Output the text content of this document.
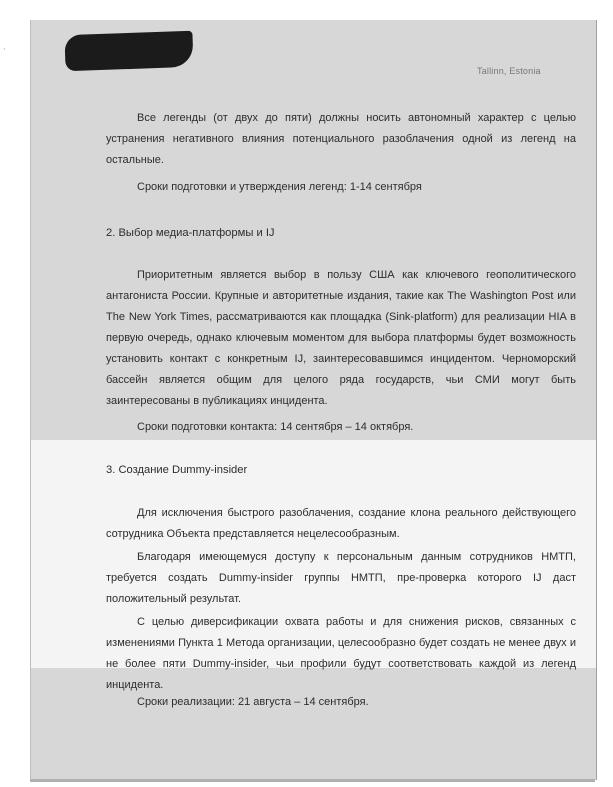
·
Tallinn, Estonia
Все легенды (от двух до пяти) должны носить автономный характер с целью устранения негативного влияния потенциального разоблачения одной из легенд на остальные.
Сроки подготовки и утверждения легенд: 1-14 сентября
2. Выбор медиа-платформы и IJ
Приоритетным является выбор в пользу США как ключевого геополитического антагониста России. Крупные и авторитетные издания, такие как The Washington Post или The New York Times, рассматриваются как площадка (Sink-platform) для реализации HIA в первую очередь, однако ключевым моментом для выбора платформы будет возможность установить контакт с конкретным IJ, заинтересовавшимся инцидентом. Черноморский бассейн является общим для целого ряда государств, чьи СМИ могут быть заинтересованы в публикациях инцидента.
Сроки подготовки контакта: 14 сентября – 14 октября.
3. Создание Dummy-insider
Для исключения быстрого разоблачения, создание клона реального действующего сотрудника Объекта представляется нецелесообразным.
Благодаря имеющемуся доступу к персональным данным сотрудников НМТП, требуется создать Dummy-insider группы НМТП, пре-проверка которого IJ даст положительный результат.
С целью диверсификации охвата работы и для снижения рисков, связанных с изменениями Пункта 1 Метода организации, целесообразно будет создать не менее двух и не более пяти Dummy-insider, чьи профили будут соответствовать каждой из легенд инцидента.
Сроки реализации: 21 августа – 14 сентября.
